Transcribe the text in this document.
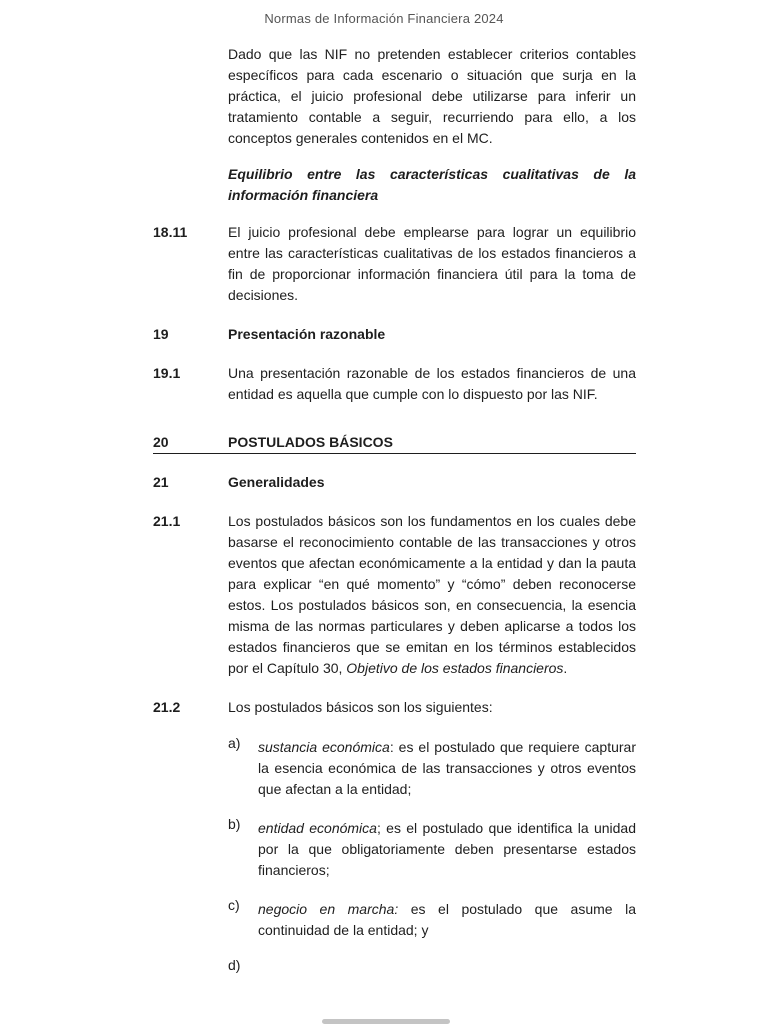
Normas de Información Financiera 2024
Dado que las NIF no pretenden establecer criterios contables específicos para cada escenario o situación que surja en la práctica, el juicio profesional debe utilizarse para inferir un tratamiento contable a seguir, recurriendo para ello, a los conceptos generales contenidos en el MC.
Equilibrio entre las características cualitativas de la información financiera
18.11	El juicio profesional debe emplearse para lograr un equilibrio entre las características cualitativas de los estados financieros a fin de proporcionar información financiera útil para la toma de decisiones.
19	Presentación razonable
19.1	Una presentación razonable de los estados financieros de una entidad es aquella que cumple con lo dispuesto por las NIF.
20	POSTULADOS BÁSICOS
21	Generalidades
21.1	Los postulados básicos son los fundamentos en los cuales debe basarse el reconocimiento contable de las transacciones y otros eventos que afectan económicamente a la entidad y dan la pauta para explicar “en qué momento” y “cómo” deben reconocerse estos. Los postulados básicos son, en consecuencia, la esencia misma de las normas particulares y deben aplicarse a todos los estados financieros que se emitan en los términos establecidos por el Capítulo 30, Objetivo de los estados financieros.
21.2	Los postulados básicos son los siguientes:
a)	sustancia económica: es el postulado que requiere capturar la esencia económica de las transacciones y otros eventos que afectan a la entidad;
b)	entidad económica; es el postulado que identifica la unidad por la que obligatoriamente deben presentarse estados financieros;
c)	negocio en marcha: es el postulado que asume la continuidad de la entidad; y
d)
